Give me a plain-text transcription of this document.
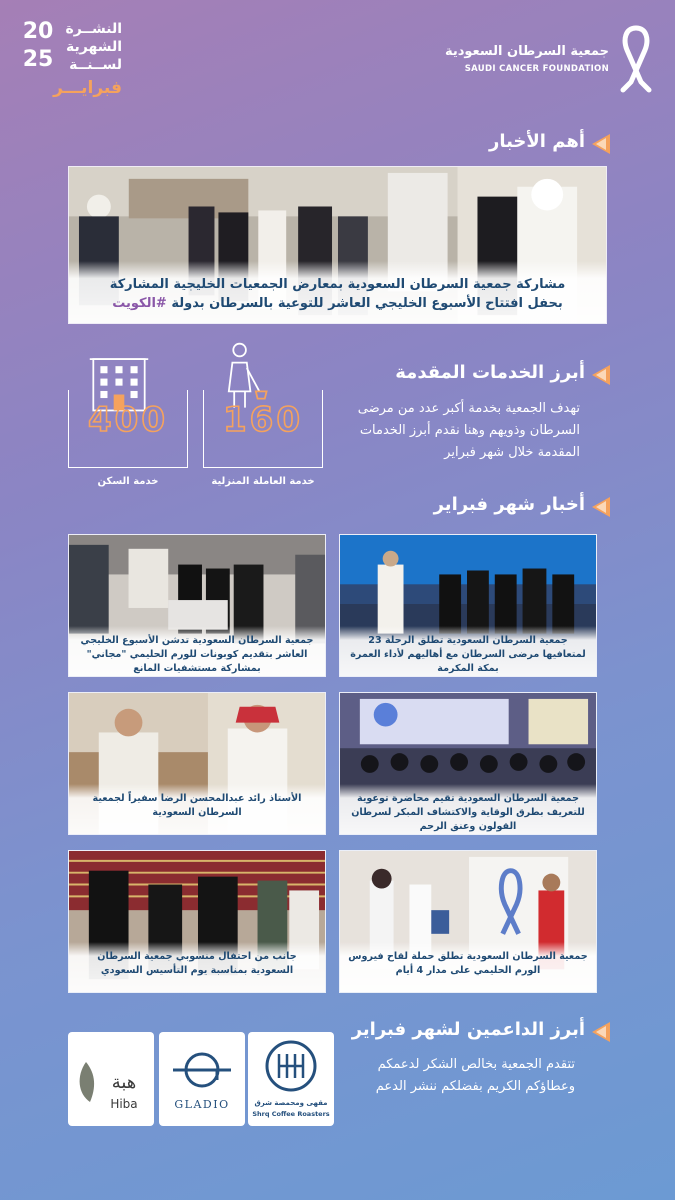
جمعية السرطان السعودية
SAUDI CANCER FOUNDATION
20
25
النشــرة
الشهرية
لســنــة
فبرايـــر
أهم الأخبار
مشاركة جمعية السرطان السعودية بمعارض الجمعيات الخليجية المشاركة
بحفل افتتاح الأسبوع الخليجي العاشر للتوعية بالسرطان بدولة #الكويت
أبرز الخدمات المقدمة
تهدف الجمعية بخدمة أكبر عدد من مرضى السرطان وذويهم وهنا نقدم أبرز الخدمات المقدمة خلال شهر فبراير
160
خدمة العاملة المنزلية
400
خدمة السكن
أخبار شهر فبراير
جمعية السرطان السعودية تطلق الرحلة 23 لمتعافيها مرضى السرطان مع أهاليهم لأداء العمرة بمكة المكرمة
جمعية السرطان السعودية تدشن الأسبوع الخليجي العاشر بتقديم كوبونات للورم الحليمي "مجاني" بمشاركة مستشفيات المانع
جمعية السرطان السعودية تقيم محاضرة توعوية للتعريف بطرق الوقاية والاكتشاف المبكر لسرطان القولون وعنق الرحم
الأستاذ رائد عبدالمحسن الرضا سفيراً لجمعية السرطان السعودية
جمعية السرطان السعودية تطلق حملة لقاح فيروس الورم الحليمي على مدار 4 أيام
جانب من احتفال منسوبي جمعية السرطان السعودية بمناسبة يوم التأسيس السعودي
أبرز الداعمين لشهر فبراير
تتقدم الجمعية بخالص الشكر لدعمكم وعطاؤكم الكريم بفضلكم ننشر الدعم
مقهى ومحمصة شرق
Shrq Coffee Roasters
GLADIO
هبة
Hiba
